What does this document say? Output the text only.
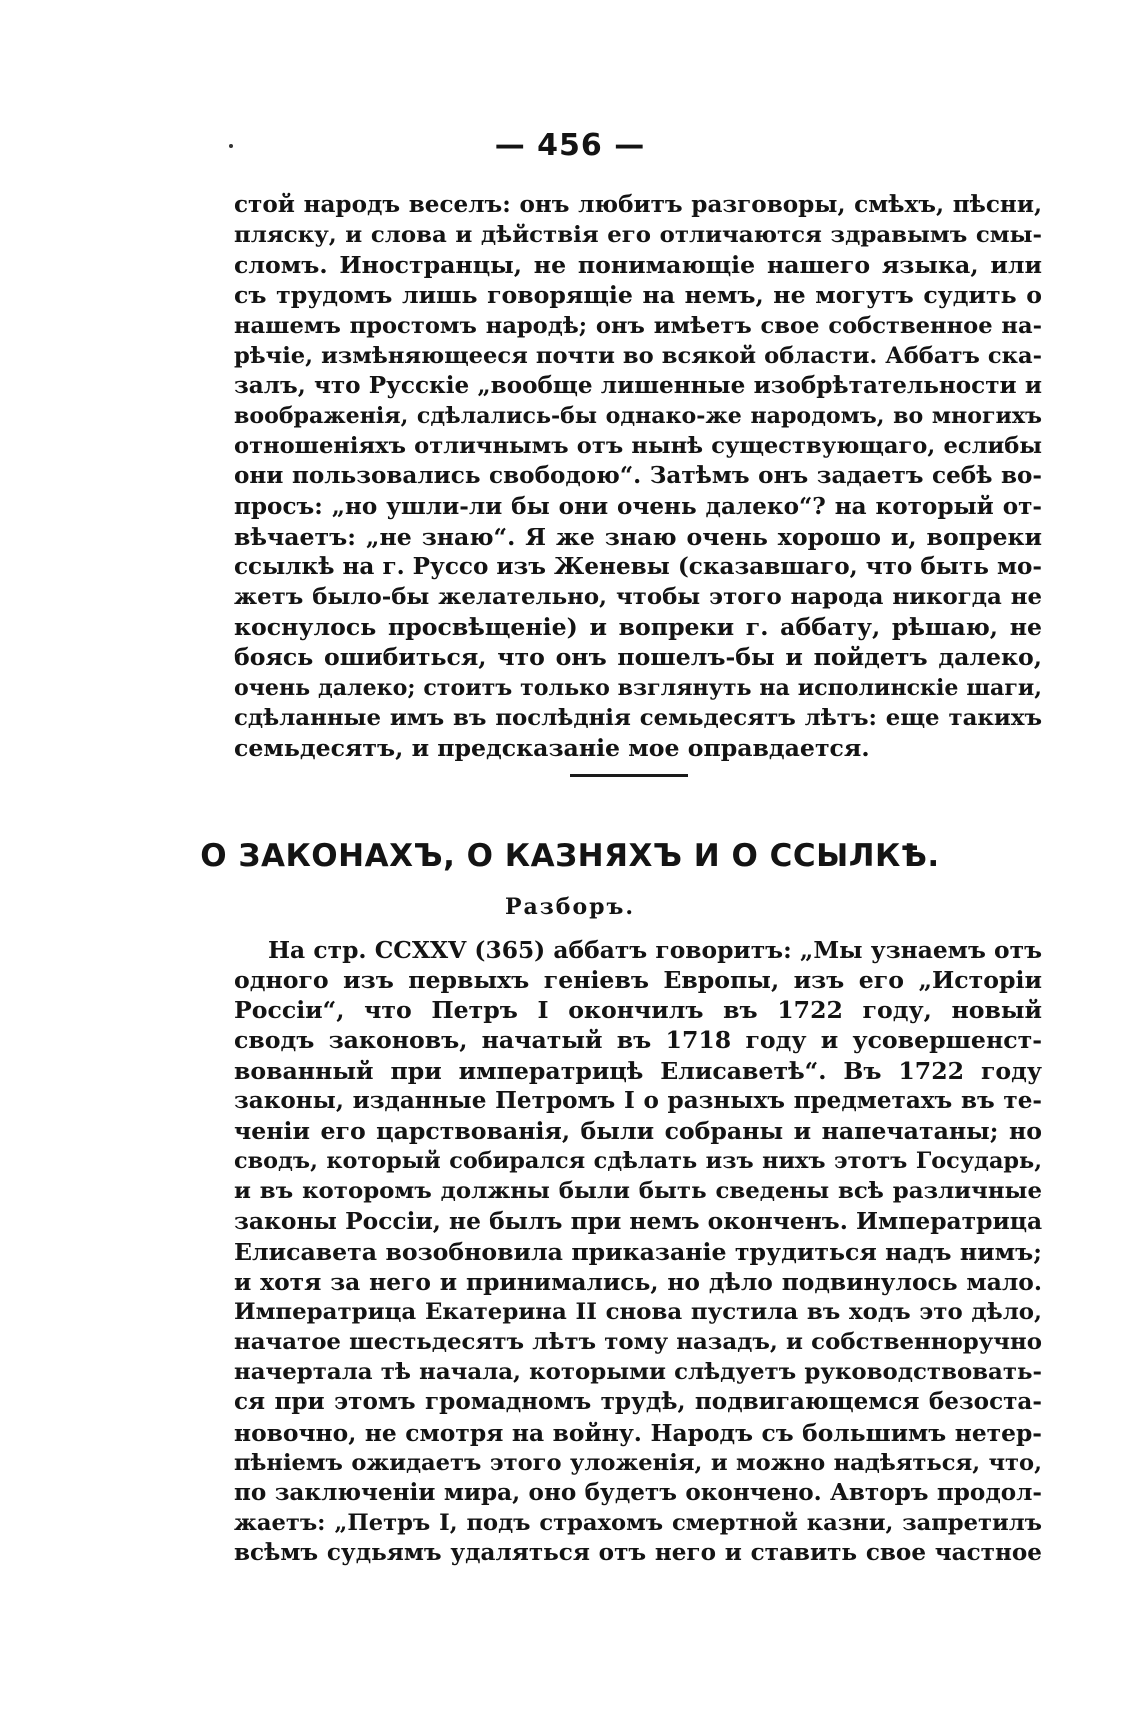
— 456 —
стой народъ веселъ: онъ любитъ разговоры, смѣхъ, пѣсни,
пляску, и слова и дѣйствія его отличаются здравымъ смы-
сломъ. Иностранцы, не понимающіе нашего языка, или
съ трудомъ лишь говорящіе на немъ, не могутъ судить о
нашемъ простомъ народѣ; онъ имѣетъ свое собственное на-
рѣчіе, измѣняющееся почти во всякой области. Аббатъ ска-
залъ, что Русскіе „вообще лишенные изобрѣтательности и
воображенія, сдѣлались-бы однако-же народомъ, во многихъ
отношеніяхъ отличнымъ отъ нынѣ существующаго, еслибы
они пользовались свободою“. Затѣмъ онъ задаетъ себѣ во-
просъ: „но ушли-ли бы они очень далеко“? на который от-
вѣчаетъ: „не знаю“. Я же знаю очень хорошо и, вопреки
ссылкѣ на г. Руссо изъ Женевы (сказавшаго, что быть мо-
жетъ было-бы желательно, чтобы этого народа никогда не
коснулось просвѣщеніе) и вопреки г. аббату, рѣшаю, не
боясь ошибиться, что онъ пошелъ-бы и пойдетъ далеко,
очень далеко; стоитъ только взглянуть на исполинскіе шаги,
сдѣланные имъ въ послѣднія семьдесятъ лѣтъ: еще такихъ
семьдесятъ, и предсказаніе мое оправдается.
О ЗАКОНАХЪ, О КАЗНЯХЪ И О ССЫЛКѢ.
Разборъ.
На стр. CCXXV (365) аббатъ говоритъ: „Мы узнаемъ отъ
одного изъ первыхъ геніевъ Европы, изъ его „Исторіи
Россіи“, что Петръ I окончилъ въ 1722 году, новый
сводъ законовъ, начатый въ 1718 году и усовершенст-
вованный при императрицѣ Елисаветѣ“. Въ 1722 году
законы, изданные Петромъ I о разныхъ предметахъ въ те-
ченіи его царствованія, были собраны и напечатаны; но
сводъ, который собирался сдѣлать изъ нихъ этотъ Государь,
и въ которомъ должны были быть сведены всѣ различные
законы Россіи, не былъ при немъ оконченъ. Императрица
Елисавета возобновила приказаніе трудиться надъ нимъ;
и хотя за него и принимались, но дѣло подвинулось мало.
Императрица Екатерина II снова пустила въ ходъ это дѣло,
начатое шестьдесятъ лѣтъ тому назадъ, и собственноручно
начертала тѣ начала, которыми слѣдуетъ руководствовать-
ся при этомъ громадномъ трудѣ, подвигающемся безоста-
новочно, не смотря на войну. Народъ съ большимъ нетер-
пѣніемъ ожидаетъ этого уложенія, и можно надѣяться, что,
по заключеніи мира, оно будетъ окончено. Авторъ продол-
жаетъ: „Петръ I, подъ страхомъ смертной казни, запретилъ
всѣмъ судьямъ удаляться отъ него и ставить свое частное
